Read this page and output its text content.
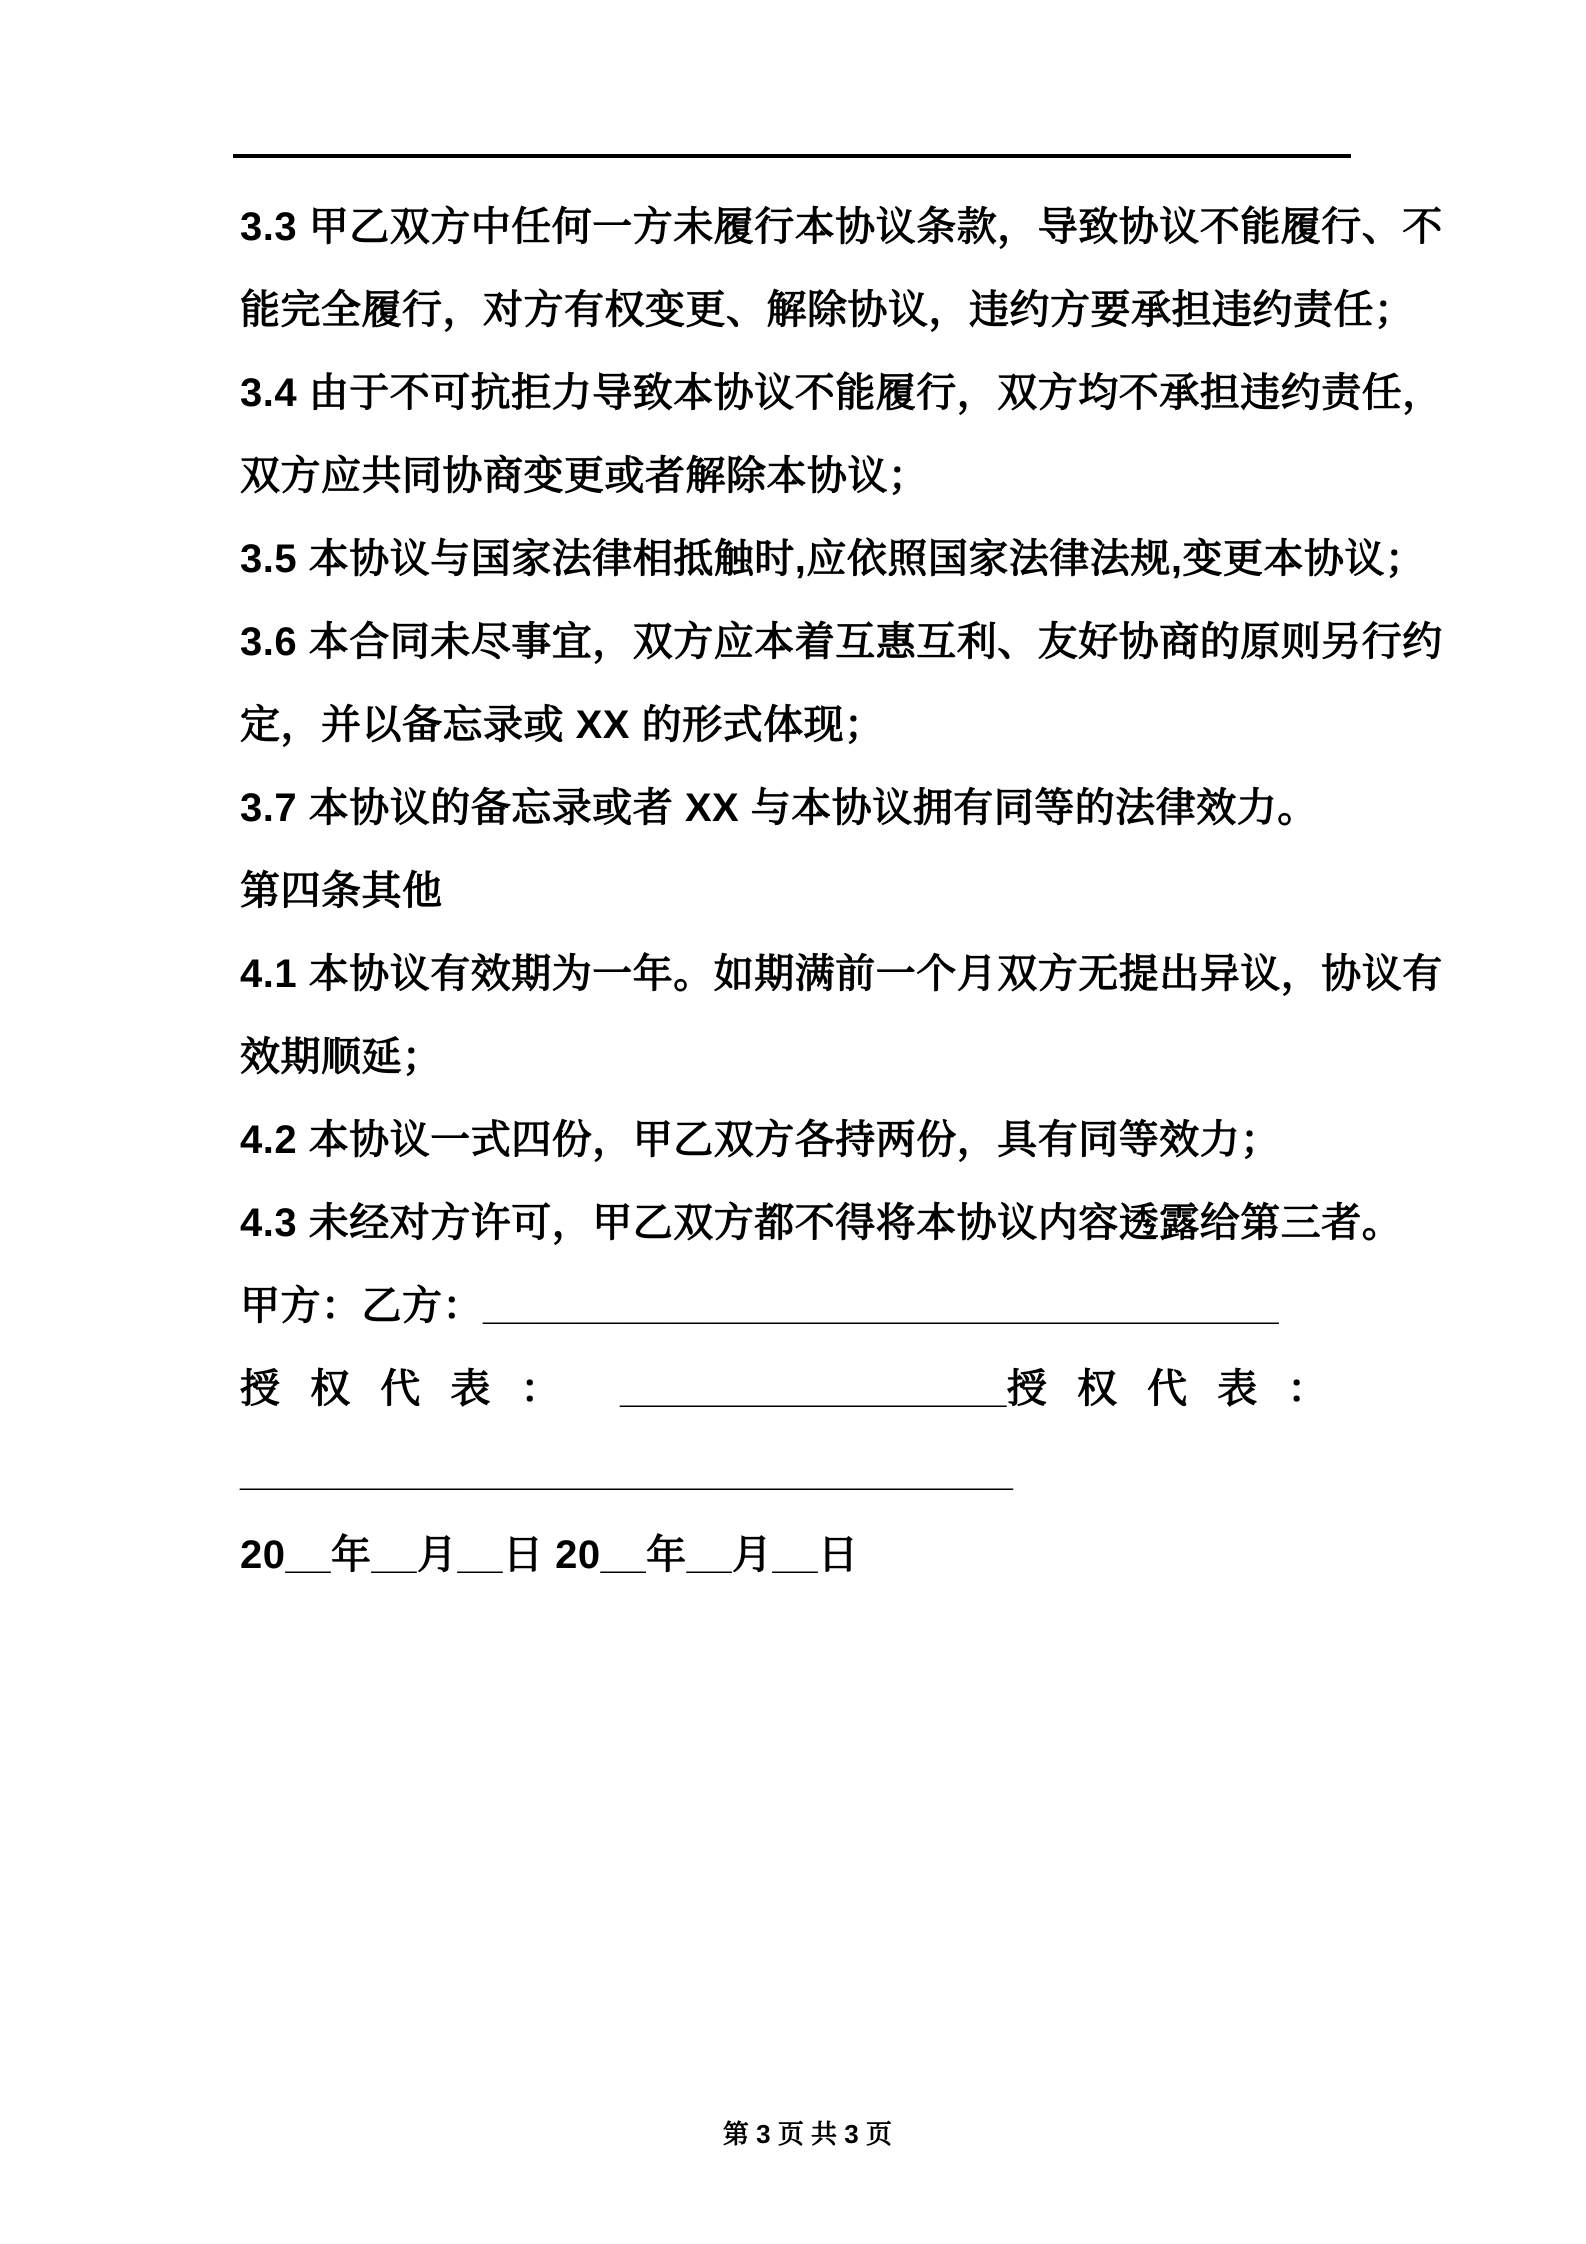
3.3 甲乙双方中任何一方未履行本协议条款，导致协议不能履行、不
能完全履行，对方有权变更、解除协议，违约方要承担违约责任；
3.4 由于不可抗拒力导致本协议不能履行，双方均不承担违约责任，
双方应共同协商变更或者解除本协议；
3.5 本协议与国家法律相抵触时,应依照国家法律法规,变更本协议；
3.6 本合同未尽事宜，双方应本着互惠互利、友好协商的原则另行约
定，并以备忘录或 XX 的形式体现；
3.7 本协议的备忘录或者 XX 与本协议拥有同等的法律效力。
第四条其他
4.1 本协议有效期为一年。如期满前一个月双方无提出异议，协议有
效期顺延；
4.2 本协议一式四份，甲乙双方各持两份，具有同等效力；
4.3 未经对方许可，甲乙双方都不得将本协议内容透露给第三者。
甲方：乙方：___________________________________
授 权 代 表 ：  _________________授 权 代 表 ：
__________________________________
20__年__月__日 20__年__月__日

第 3 页 共 3 页
